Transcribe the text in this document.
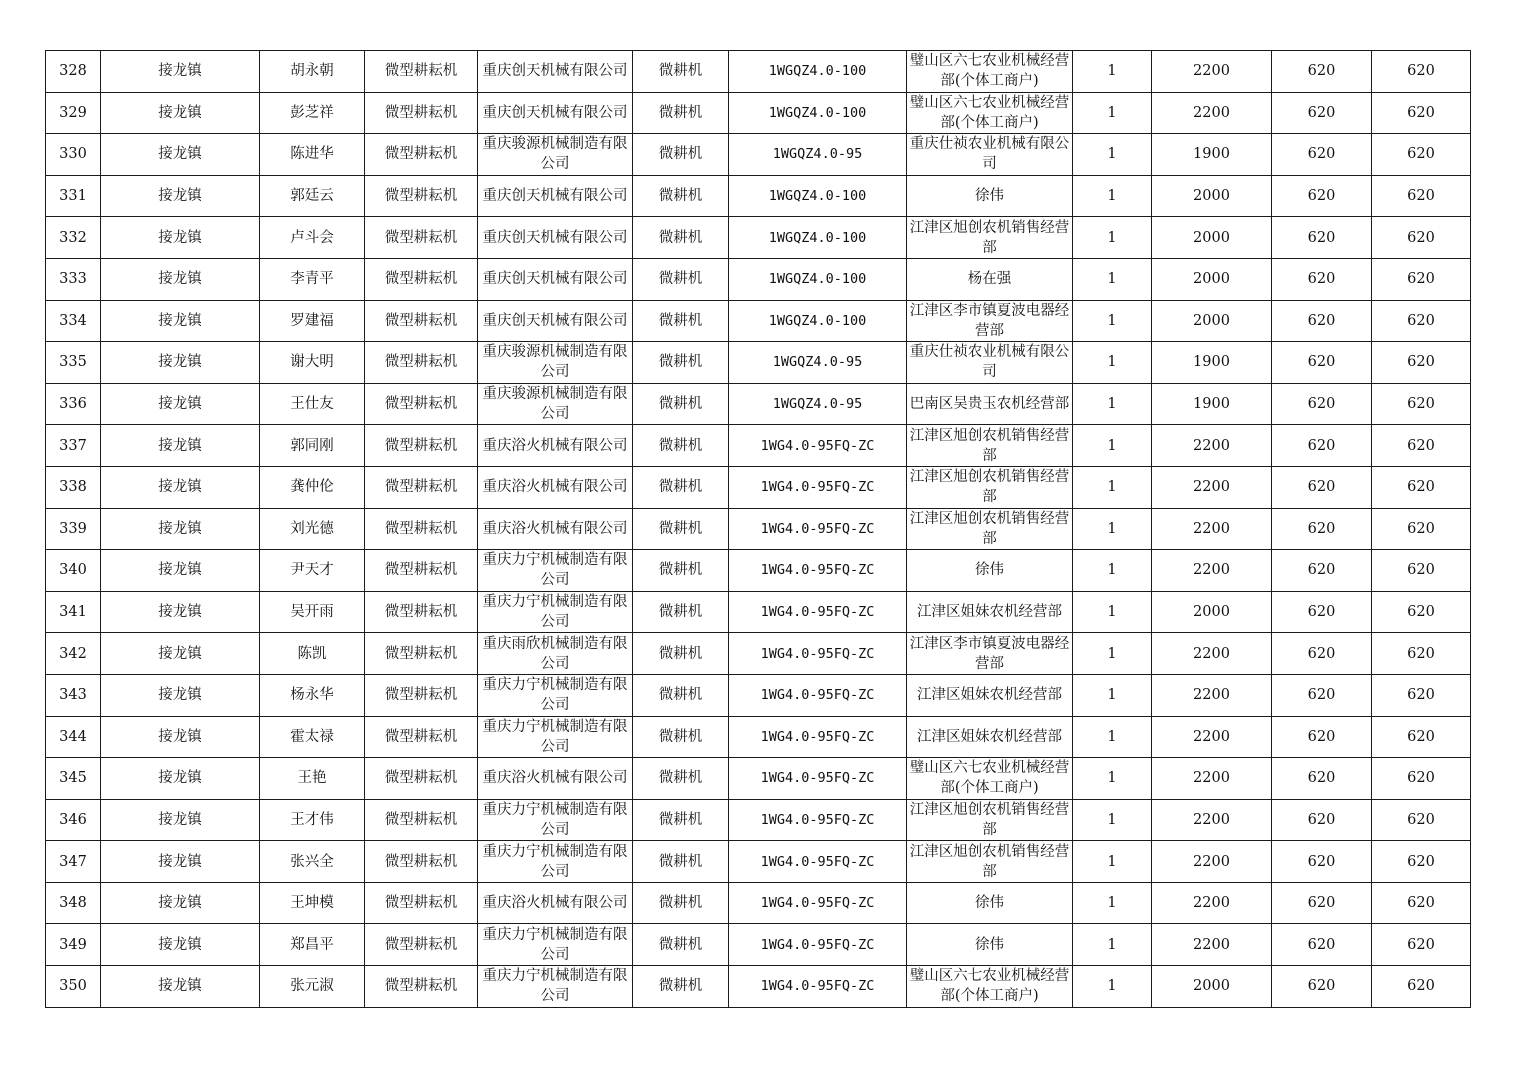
328	接龙镇	胡永朝	微型耕耘机	重庆创天机械有限公司	微耕机	1WGQZ4.0-100	璧山区六七农业机械经营部(个体工商户)	1	2200	620	620
329	接龙镇	彭芝祥	微型耕耘机	重庆创天机械有限公司	微耕机	1WGQZ4.0-100	璧山区六七农业机械经营部(个体工商户)	1	2200	620	620
330	接龙镇	陈进华	微型耕耘机	重庆骏源机械制造有限公司	微耕机	1WGQZ4.0-95	重庆仕祯农业机械有限公司	1	1900	620	620
331	接龙镇	郭廷云	微型耕耘机	重庆创天机械有限公司	微耕机	1WGQZ4.0-100	徐伟	1	2000	620	620
332	接龙镇	卢斗会	微型耕耘机	重庆创天机械有限公司	微耕机	1WGQZ4.0-100	江津区旭创农机销售经营部	1	2000	620	620
333	接龙镇	李青平	微型耕耘机	重庆创天机械有限公司	微耕机	1WGQZ4.0-100	杨在强	1	2000	620	620
334	接龙镇	罗建福	微型耕耘机	重庆创天机械有限公司	微耕机	1WGQZ4.0-100	江津区李市镇夏波电器经营部	1	2000	620	620
335	接龙镇	谢大明	微型耕耘机	重庆骏源机械制造有限公司	微耕机	1WGQZ4.0-95	重庆仕祯农业机械有限公司	1	1900	620	620
336	接龙镇	王仕友	微型耕耘机	重庆骏源机械制造有限公司	微耕机	1WGQZ4.0-95	巴南区吴贵玉农机经营部	1	1900	620	620
337	接龙镇	郭同刚	微型耕耘机	重庆浴火机械有限公司	微耕机	1WG4.0-95FQ-ZC	江津区旭创农机销售经营部	1	2200	620	620
338	接龙镇	龚仲伦	微型耕耘机	重庆浴火机械有限公司	微耕机	1WG4.0-95FQ-ZC	江津区旭创农机销售经营部	1	2200	620	620
339	接龙镇	刘光德	微型耕耘机	重庆浴火机械有限公司	微耕机	1WG4.0-95FQ-ZC	江津区旭创农机销售经营部	1	2200	620	620
340	接龙镇	尹天才	微型耕耘机	重庆力宁机械制造有限公司	微耕机	1WG4.0-95FQ-ZC	徐伟	1	2200	620	620
341	接龙镇	吴开雨	微型耕耘机	重庆力宁机械制造有限公司	微耕机	1WG4.0-95FQ-ZC	江津区姐妹农机经营部	1	2000	620	620
342	接龙镇	陈凯	微型耕耘机	重庆雨欣机械制造有限公司	微耕机	1WG4.0-95FQ-ZC	江津区李市镇夏波电器经营部	1	2200	620	620
343	接龙镇	杨永华	微型耕耘机	重庆力宁机械制造有限公司	微耕机	1WG4.0-95FQ-ZC	江津区姐妹农机经营部	1	2200	620	620
344	接龙镇	霍太禄	微型耕耘机	重庆力宁机械制造有限公司	微耕机	1WG4.0-95FQ-ZC	江津区姐妹农机经营部	1	2200	620	620
345	接龙镇	王艳	微型耕耘机	重庆浴火机械有限公司	微耕机	1WG4.0-95FQ-ZC	璧山区六七农业机械经营部(个体工商户)	1	2200	620	620
346	接龙镇	王才伟	微型耕耘机	重庆力宁机械制造有限公司	微耕机	1WG4.0-95FQ-ZC	江津区旭创农机销售经营部	1	2200	620	620
347	接龙镇	张兴全	微型耕耘机	重庆力宁机械制造有限公司	微耕机	1WG4.0-95FQ-ZC	江津区旭创农机销售经营部	1	2200	620	620
348	接龙镇	王坤模	微型耕耘机	重庆浴火机械有限公司	微耕机	1WG4.0-95FQ-ZC	徐伟	1	2200	620	620
349	接龙镇	郑昌平	微型耕耘机	重庆力宁机械制造有限公司	微耕机	1WG4.0-95FQ-ZC	徐伟	1	2200	620	620
350	接龙镇	张元淑	微型耕耘机	重庆力宁机械制造有限公司	微耕机	1WG4.0-95FQ-ZC	璧山区六七农业机械经营部(个体工商户)	1	2000	620	620
